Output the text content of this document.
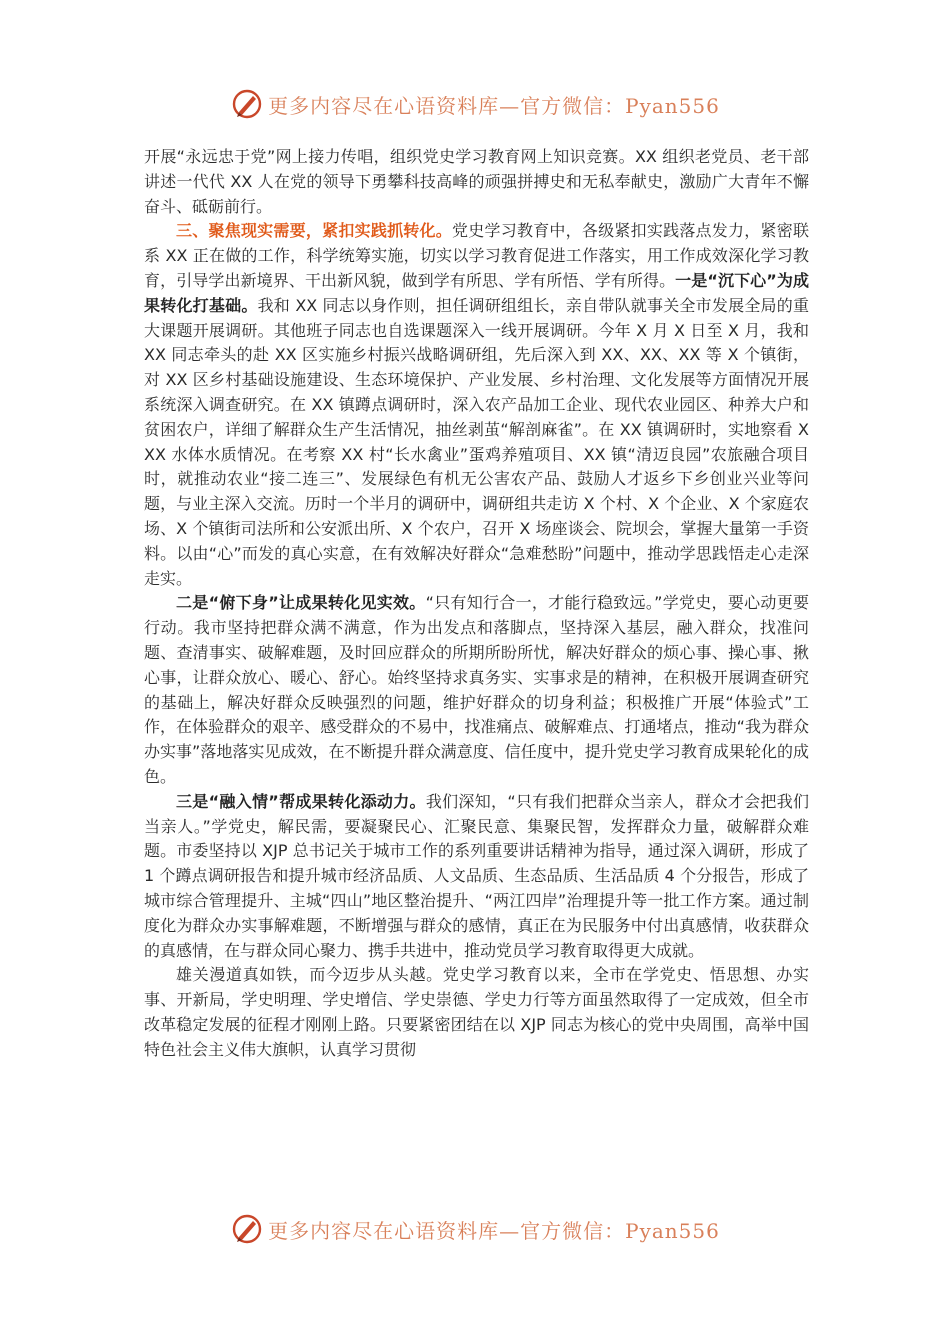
更多内容尽在心语资料库—官方微信：Pyan556

开展“永远忠于党”网上接力传唱，组织党史学习教育网上知识竞赛。XX 组织老党员、老干部讲述一代代 XX 人在党的领导下勇攀科技高峰的顽强拼搏史和无私奉献史，激励广大青年不懈奋斗、砥砺前行。

三、聚焦现实需要，紧扣实践抓转化。党史学习教育中，各级紧扣实践落点发力，紧密联系 XX 正在做的工作，科学统筹实施，切实以学习教育促进工作落实，用工作成效深化学习教育，引导学出新境界、干出新风貌，做到学有所思、学有所悟、学有所得。一是“沉下心”为成果转化打基础。我和 XX 同志以身作则，担任调研组组长，亲自带队就事关全市发展全局的重大课题开展调研。其他班子同志也自选课题深入一线开展调研。今年 X 月 X 日至 X 月，我和 XX 同志牵头的赴 XX 区实施乡村振兴战略调研组，先后深入到 XX、XX、XX 等 X 个镇街，对 XX 区乡村基础设施建设、生态环境保护、产业发展、乡村治理、文化发展等方面情况开展系统深入调查研究。在 XX 镇蹲点调研时，深入农产品加工企业、现代农业园区、种养大户和贫困农户，详细了解群众生产生活情况，抽丝剥茧“解剖麻雀”。在 XX 镇调研时，实地察看 XXX 水体水质情况。在考察 XX 村“长水禽业”蛋鸡养殖项目、XX 镇“清迈良园”农旅融合项目时，就推动农业“接二连三”、发展绿色有机无公害农产品、鼓励人才返乡下乡创业兴业等问题，与业主深入交流。历时一个半月的调研中，调研组共走访 X 个村、X 个企业、X 个家庭农场、X 个镇街司法所和公安派出所、X 个农户，召开 X 场座谈会、院坝会，掌握大量第一手资料。以由“心”而发的真心实意，在有效解决好群众“急难愁盼”问题中，推动学思践悟走心走深走实。

二是“俯下身”让成果转化见实效。“只有知行合一，才能行稳致远。”学党史，要心动更要行动。我市坚持把群众满不满意，作为出发点和落脚点，坚持深入基层，融入群众，找准问题、查清事实、破解难题，及时回应群众的所期所盼所忧，解决好群众的烦心事、操心事、揪心事，让群众放心、暖心、舒心。始终坚持求真务实、实事求是的精神，在积极开展调查研究的基础上，解决好群众反映强烈的问题，维护好群众的切身利益；积极推广开展“体验式”工作，在体验群众的艰辛、感受群众的不易中，找准痛点、破解难点、打通堵点，推动“我为群众办实事”落地落实见成效，在不断提升群众满意度、信任度中，提升党史学习教育成果轮化的成色。

三是“融入情”帮成果转化添动力。我们深知，“只有我们把群众当亲人，群众才会把我们当亲人。”学党史，解民需，要凝聚民心、汇聚民意、集聚民智，发挥群众力量，破解群众难题。市委坚持以 XJP 总书记关于城市工作的系列重要讲话精神为指导，通过深入调研，形成了 1 个蹲点调研报告和提升城市经济品质、人文品质、生态品质、生活品质 4 个分报告，形成了城市综合管理提升、主城“四山”地区整治提升、“两江四岸”治理提升等一批工作方案。通过制度化为群众办实事解难题，不断增强与群众的感情，真正在为民服务中付出真感情，收获群众的真感情，在与群众同心聚力、携手共进中，推动党员学习教育取得更大成就。

雄关漫道真如铁，而今迈步从头越。党史学习教育以来，全市在学党史、悟思想、办实事、开新局，学史明理、学史增信、学史崇德、学史力行等方面虽然取得了一定成效，但全市改革稳定发展的征程才刚刚上路。只要紧密团结在以 XJP 同志为核心的党中央周围，高举中国特色社会主义伟大旗帜，认真学习贯彻

更多内容尽在心语资料库—官方微信：Pyan556
